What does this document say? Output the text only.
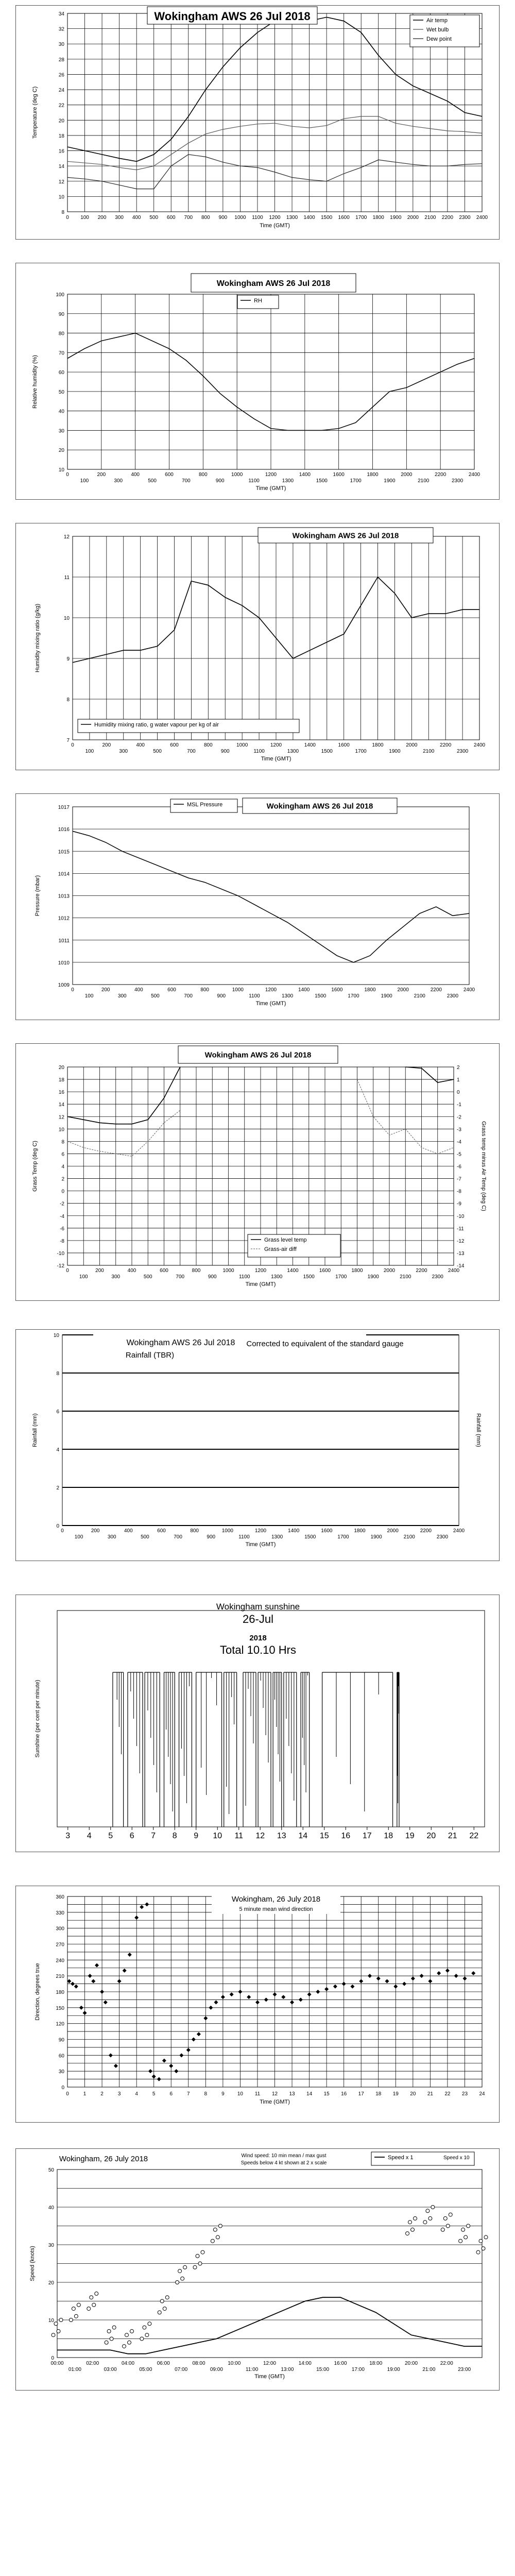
34
32
30
28
26
24
22
20
18
16
14
12
10
8
0 100 200 300 400 500 600 700 800 900 1000 1100 1200 1300 1400 1500 1600 1700 1800 1900 2000 2100 2200 2300 2400
Time (GMT)
Temperature (deg C)
Wokingham AWS 26 Jul 2018	Air temp
Wet bulb
Dew point
100
90
80
70
60
50
40
30
20
10
0	200	400	600	800	1000	1200	1400	1600	1800	2000	2200	2400
100	300	500	700	900	1100	1300	1500	1700	1900	2100	2300
Time (GMT)
Relative humidity (%)
Wokingham AWS 26 Jul 2018
RH
12
11
10
9
8
7
0	200	400	600	800	1000	1200	1400	1600	1800	2000	2200	2400
100	300	500	700	900	1100	1300	1500	1700	1900	2100	2300
Time (GMT)
Humidity mixing ratio (g/kg)
Wokingham AWS 26 Jul 2018
Humidity mixing ratio, g water vapour per kg of air
1017
1016
1015
1014
1013
1012
1011
1010
1009
0	200	400	600	800	1000	1200	1400	1600	1800	2000	2200	2400
100	300	500	700	900	1100	1300	1500	1700	1900	2100	2300
Time (GMT)
Pressure (mbar)
MSL Pressure	Wokingham AWS 26 Jul 2018
20
18
16
14
12
10
8
6
4
2
0
-2
-4
-6
-8
-10
-12
2
1
0
-1
-2
-3
-4
-5
-6
-7
-8
-9
-10
-11
-12
-13
-14
0	200	400	600	800	1000	1200	1400	1600	1800	2000	2200	2400
100	300	500	700	900	1100	1300	1500	1700	1900	2100	2300
Time (GMT)
Grass Temp (deg C)	Grass temp minus Air Temp (deg C)
Wokingham AWS 26 Jul 2018
Grass level temp
Grass-air diff
10
8
6
4
2
0
0	200	400	600	800	1000	1200	1400	1600	1800	2000	2200	2400
100	300	500	700	900	1100	1300	1500	1700	1900	2100	2300
Time (GMT)
Rainfall (mm)	Rainfall (mm)
Wokingham AWS 26 Jul 2018
Rainfall (TBR)
Corrected to equivalent of the standard gauge
3 4 5 6 7 8 9 10 11 12 13 14 15 16 17 18 19 20 21 22
Sunshine (per cent per minute)
Wokingham sunshine
26-Jul
2018
Total 10.10 Hrs
360
330
300
270
240
210
180
150
120
90
60
30
0
0	1	2	3	4	5	6	7	8	9	10 11 12 13 14 15 16 17 18 19 20 21 22 23 24
Time (GMT)
Direction, degrees true
Wokingham, 26 July 2018
5 minute mean wind direction
50
40
30
20
10
0
00:00	02:00	04:00	06:00	08:00	10:00	12:00	14:00	16:00	18:00	20:00	22:00
01:00	03:00	05:00	07:00	09:00	11:00	13:00	15:00	17:00	19:00	21:00	23:00
Time (GMT)
Speed (knots)
Wokingham, 26 July 2018	Wind speed: 10 min mean / max gust
Speeds below 4 kt shown at 2 x scale
Speed x 1	Speed x 10
